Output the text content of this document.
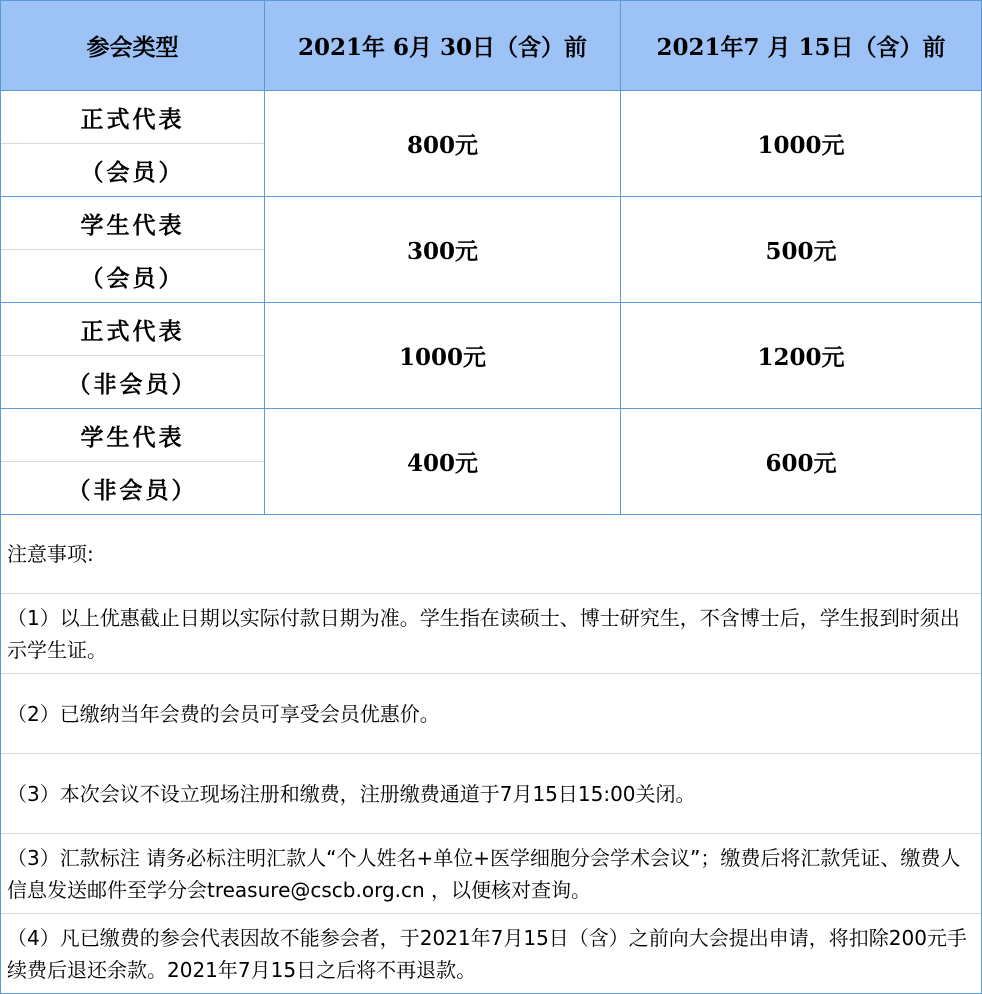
参会类型	2021年 6月 30日（含）前	2021年7 月 15日（含）前
正式代表
（会员）
800元	1000元
学生代表
（会员）
300元	500元
正式代表
（非会员）
1000元	1200元
学生代表
（非会员）
400元	600元
注意事项:
（1）以上优惠截止日期以实际付款日期为准。学生指在读硕士、博士研究生，不含博士后，学生报到时须出示学生证。
（2）已缴纳当年会费的会员可享受会员优惠价。
（3）本次会议不设立现场注册和缴费，注册缴费通道于7月15日15:00关闭。
（3）汇款标注 请务必标注明汇款人“个人姓名+单位+医学细胞分会学术会议”；缴费后将汇款凭证、缴费人信息发送邮件至学分会treasure@cscb.org.cn ，以便核对查询。
（4）凡已缴费的参会代表因故不能参会者，于2021年7月15日（含）之前向大会提出申请，将扣除200元手续费后退还余款。2021年7月15日之后将不再退款。
